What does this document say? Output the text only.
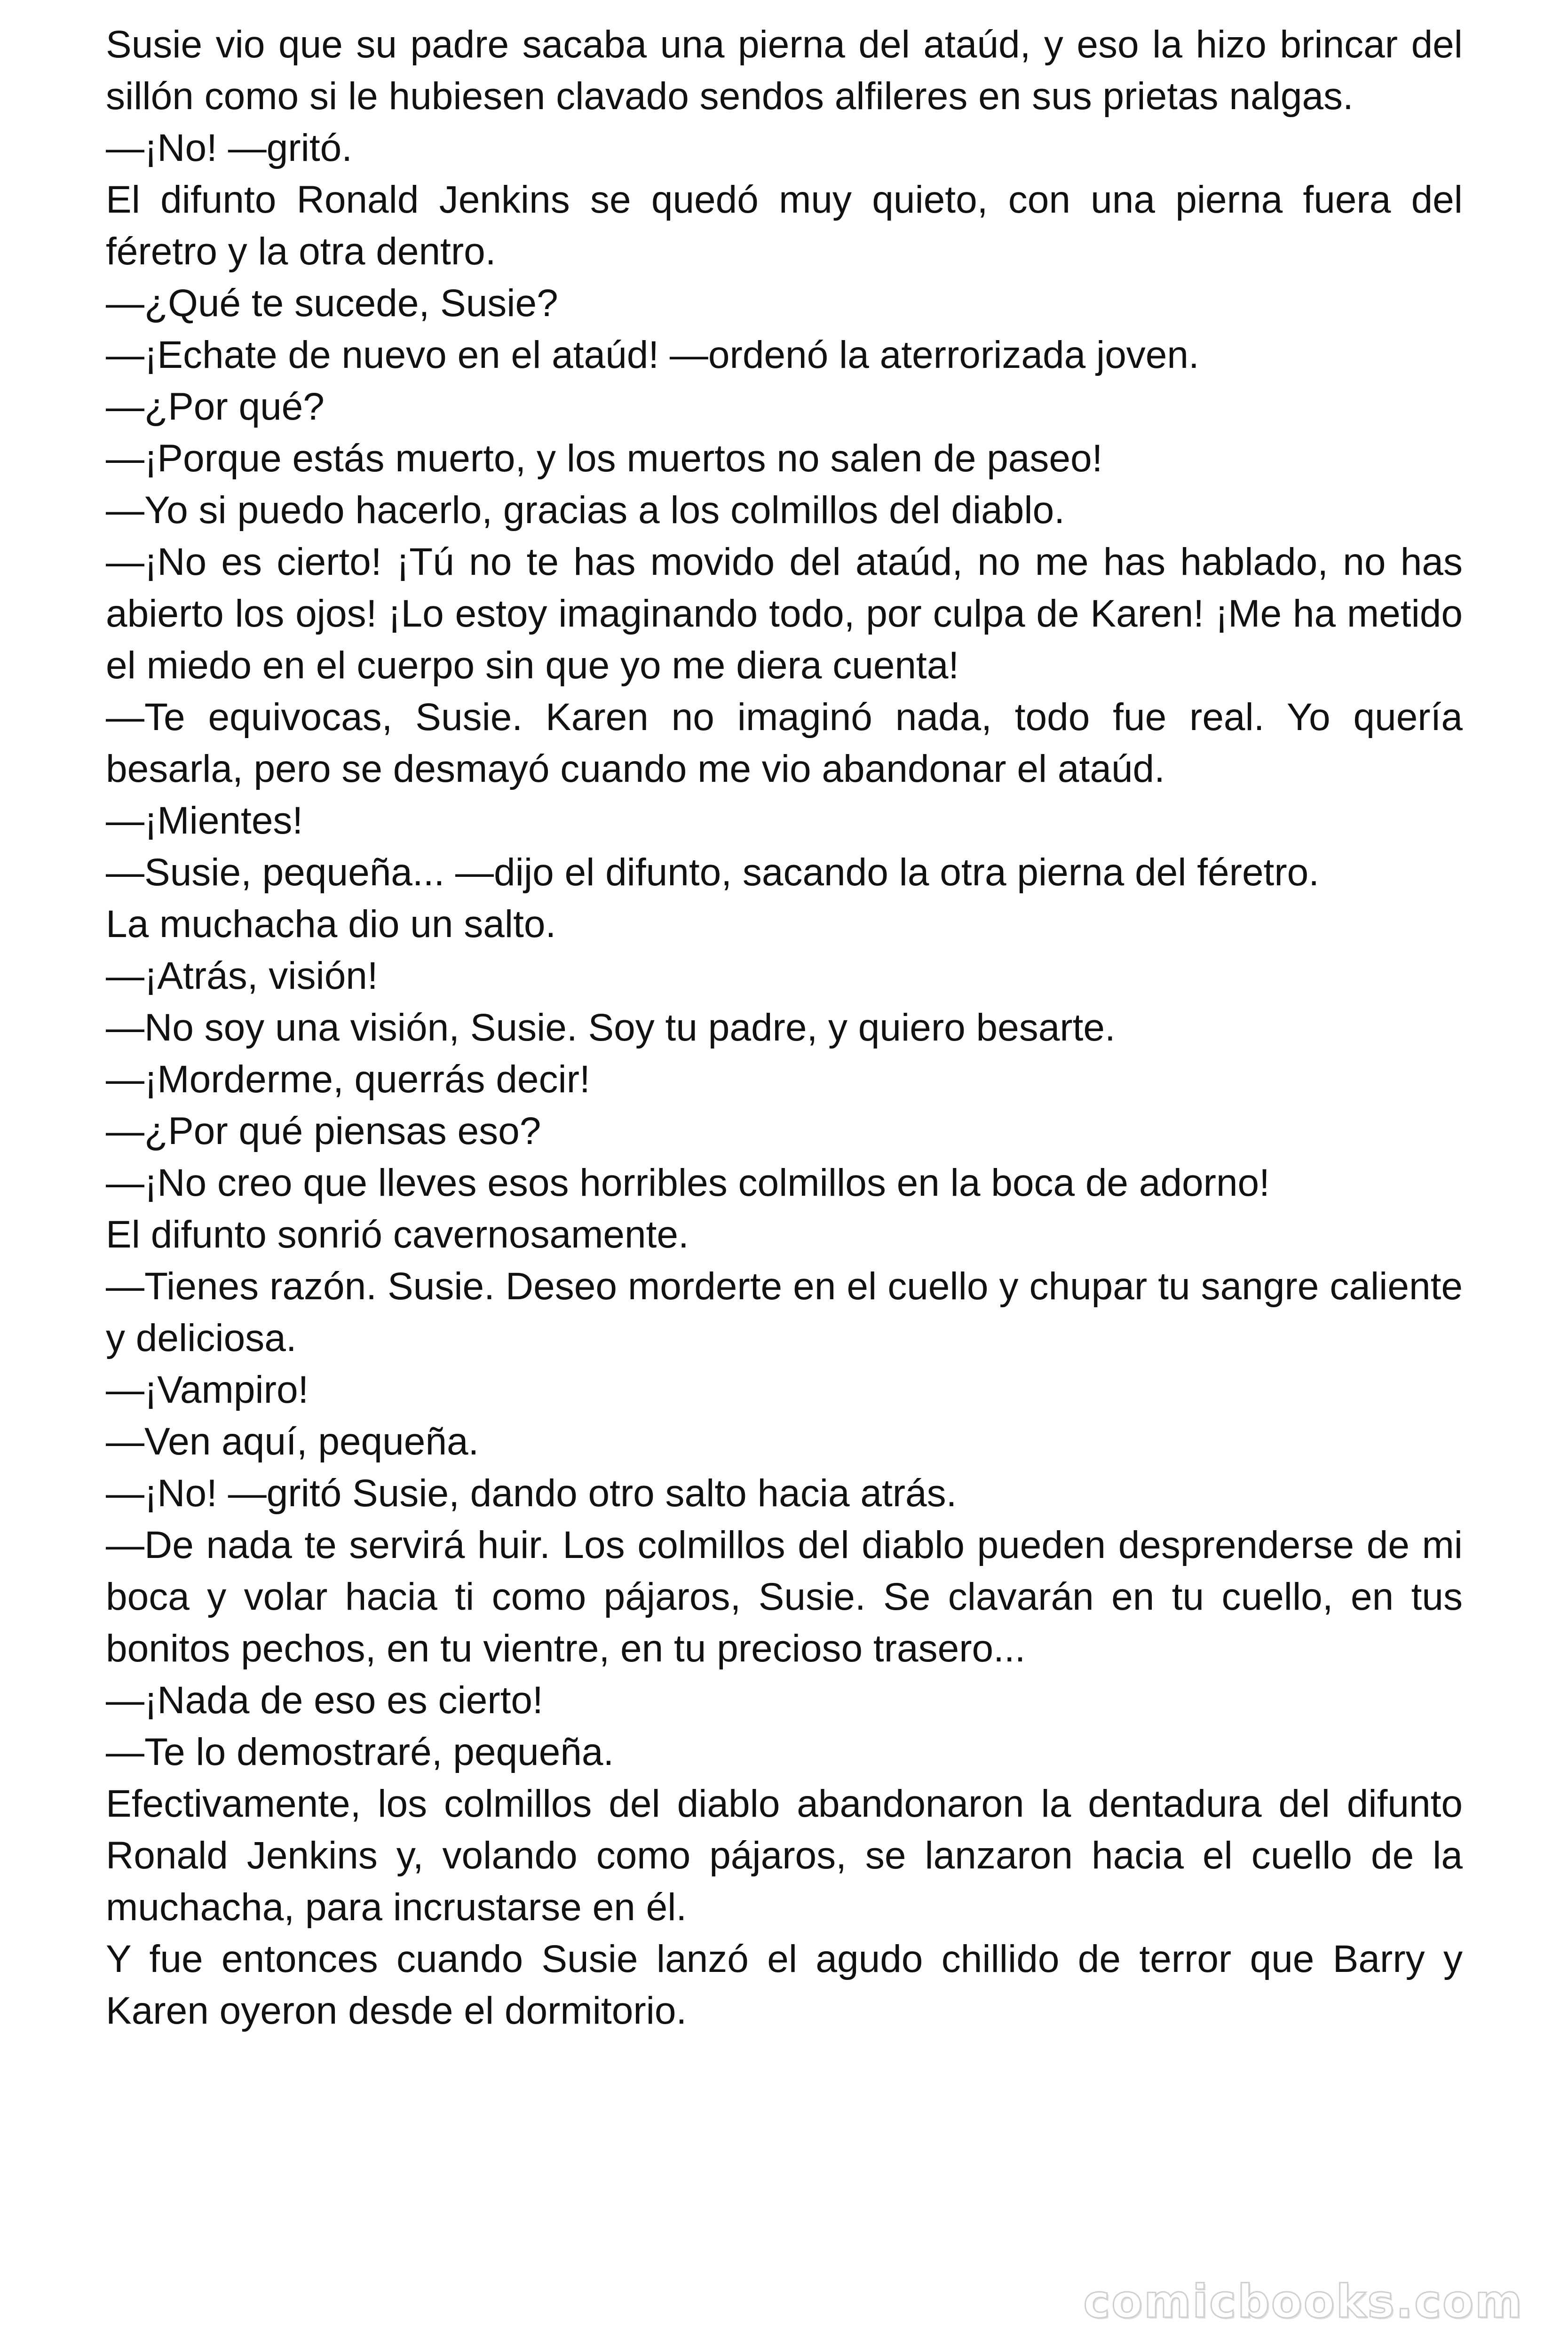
Susie vio que su padre sacaba una pierna del ataúd, y eso la hizo brincar del sillón como si le hubiesen clavado sendos alfileres en sus prietas nalgas.

—¡No! —gritó.

El difunto Ronald Jenkins se quedó muy quieto, con una pierna fuera del féretro y la otra dentro.

—¿Qué te sucede, Susie?

—¡Echate de nuevo en el ataúd! —ordenó la aterrorizada joven.

—¿Por qué?

—¡Porque estás muerto, y los muertos no salen de paseo!

—Yo si puedo hacerlo, gracias a los colmillos del diablo.

—¡No es cierto! ¡Tú no te has movido del ataúd, no me has hablado, no has abierto los ojos! ¡Lo estoy imaginando todo, por culpa de Karen! ¡Me ha metido el miedo en el cuerpo sin que yo me diera cuenta!

—Te equivocas, Susie. Karen no imaginó nada, todo fue real. Yo quería besarla, pero se desmayó cuando me vio abandonar el ataúd.

—¡Mientes!

—Susie, pequeña... —dijo el difunto, sacando la otra pierna del féretro.

La muchacha dio un salto.

—¡Atrás, visión!

—No soy una visión, Susie. Soy tu padre, y quiero besarte.

—¡Morderme, querrás decir!

—¿Por qué piensas eso?

—¡No creo que lleves esos horribles colmillos en la boca de adorno!

El difunto sonrió cavernosamente.

—Tienes razón. Susie. Deseo morderte en el cuello y chupar tu sangre caliente y deliciosa.

—¡Vampiro!

—Ven aquí, pequeña.

—¡No! —gritó Susie, dando otro salto hacia atrás.

—De nada te servirá huir. Los colmillos del diablo pueden desprenderse de mi boca y volar hacia ti como pájaros, Susie. Se clavarán en tu cuello, en tus bonitos pechos, en tu vientre, en tu precioso trasero...

—¡Nada de eso es cierto!

—Te lo demostraré, pequeña.

Efectivamente, los colmillos del diablo abandonaron la dentadura del difunto Ronald Jenkins y, volando como pájaros, se lanzaron hacia el cuello de la muchacha, para incrustarse en él.

Y fue entonces cuando Susie lanzó el agudo chillido de terror que Barry y Karen oyeron desde el dormitorio.

comicbooks.com
